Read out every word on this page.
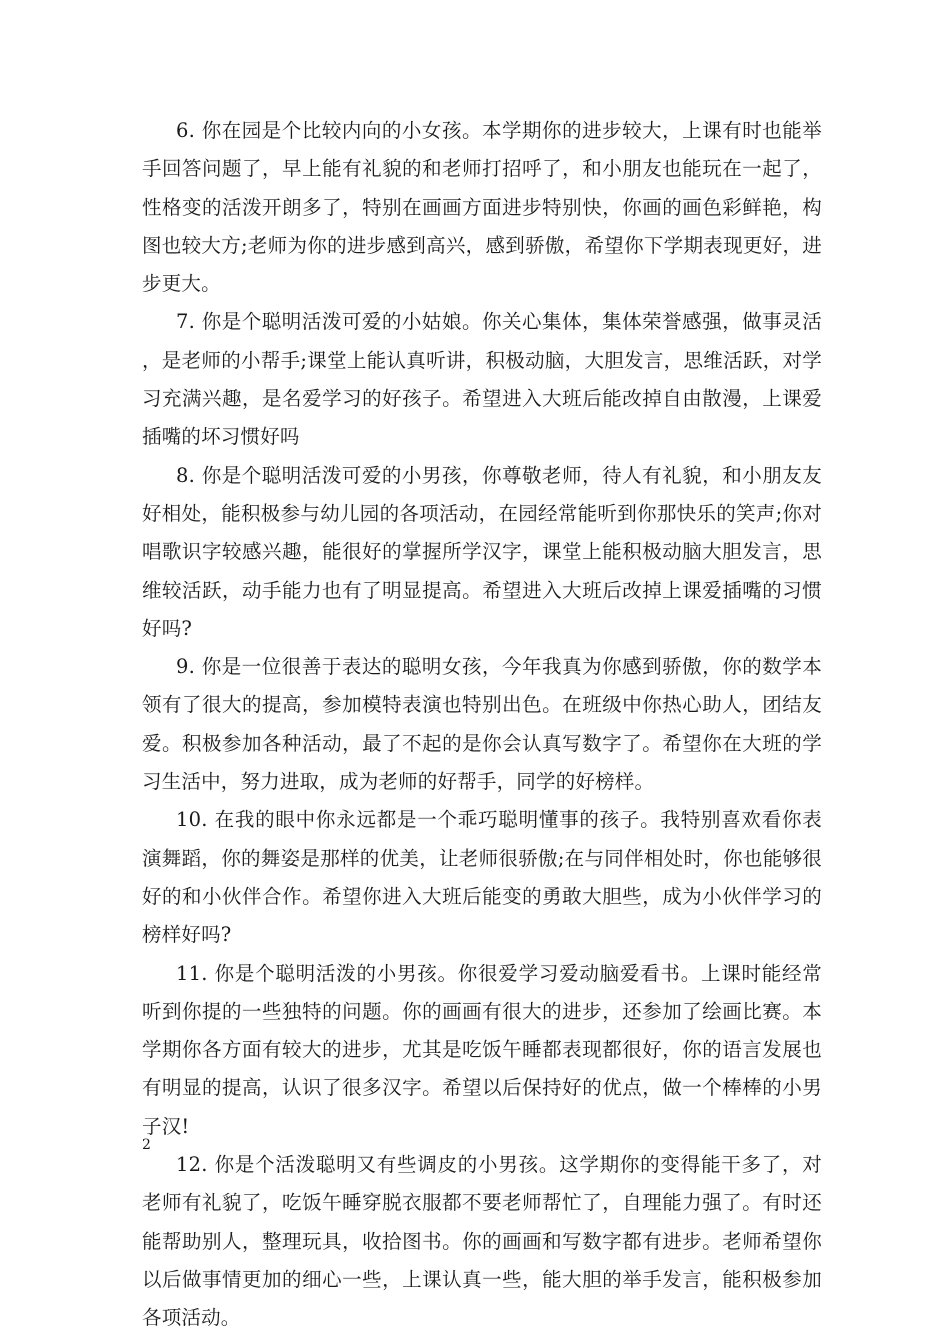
6. 你在园是个比较内向的小女孩。本学期你的进步较大，上课有时也能举手回答问题了，早上能有礼貌的和老师打招呼了，和小朋友也能玩在一起了，性格变的活泼开朗多了，特别在画画方面进步特别快，你画的画色彩鲜艳，构图也较大方;老师为你的进步感到高兴，感到骄傲，希望你下学期表现更好，进步更大。

7. 你是个聪明活泼可爱的小姑娘。你关心集体，集体荣誉感强，做事灵活，是老师的小帮手;课堂上能认真听讲，积极动脑，大胆发言，思维活跃，对学习充满兴趣，是名爱学习的好孩子。希望进入大班后能改掉自由散漫，上课爱插嘴的坏习惯好吗

8. 你是个聪明活泼可爱的小男孩，你尊敬老师，待人有礼貌，和小朋友友好相处，能积极参与幼儿园的各项活动，在园经常能听到你那快乐的笑声;你对唱歌识字较感兴趣，能很好的掌握所学汉字，课堂上能积极动脑大胆发言，思维较活跃，动手能力也有了明显提高。希望进入大班后改掉上课爱插嘴的习惯好吗?

9. 你是一位很善于表达的聪明女孩，今年我真为你感到骄傲，你的数学本领有了很大的提高，参加模特表演也特别出色。在班级中你热心助人，团结友爱。积极参加各种活动，最了不起的是你会认真写数字了。希望你在大班的学习生活中，努力进取，成为老师的好帮手，同学的好榜样。

10. 在我的眼中你永远都是一个乖巧聪明懂事的孩子。我特别喜欢看你表演舞蹈，你的舞姿是那样的优美，让老师很骄傲;在与同伴相处时，你也能够很好的和小伙伴合作。希望你进入大班后能变的勇敢大胆些，成为小伙伴学习的榜样好吗?

11. 你是个聪明活泼的小男孩。你很爱学习爱动脑爱看书。上课时能经常听到你提的一些独特的问题。你的画画有很大的进步，还参加了绘画比赛。本学期你各方面有较大的进步，尤其是吃饭午睡都表现都很好，你的语言发展也有明显的提高，认识了很多汉字。希望以后保持好的优点，做一个棒棒的小男子汉!

12. 你是个活泼聪明又有些调皮的小男孩。这学期你的变得能干多了，对老师有礼貌了，吃饭午睡穿脱衣服都不要老师帮忙了，自理能力强了。有时还能帮助别人，整理玩具，收拾图书。你的画画和写数字都有进步。老师希望你以后做事情更加的细心一些，上课认真一些，能大胆的举手发言，能积极参加各项活动。

2
